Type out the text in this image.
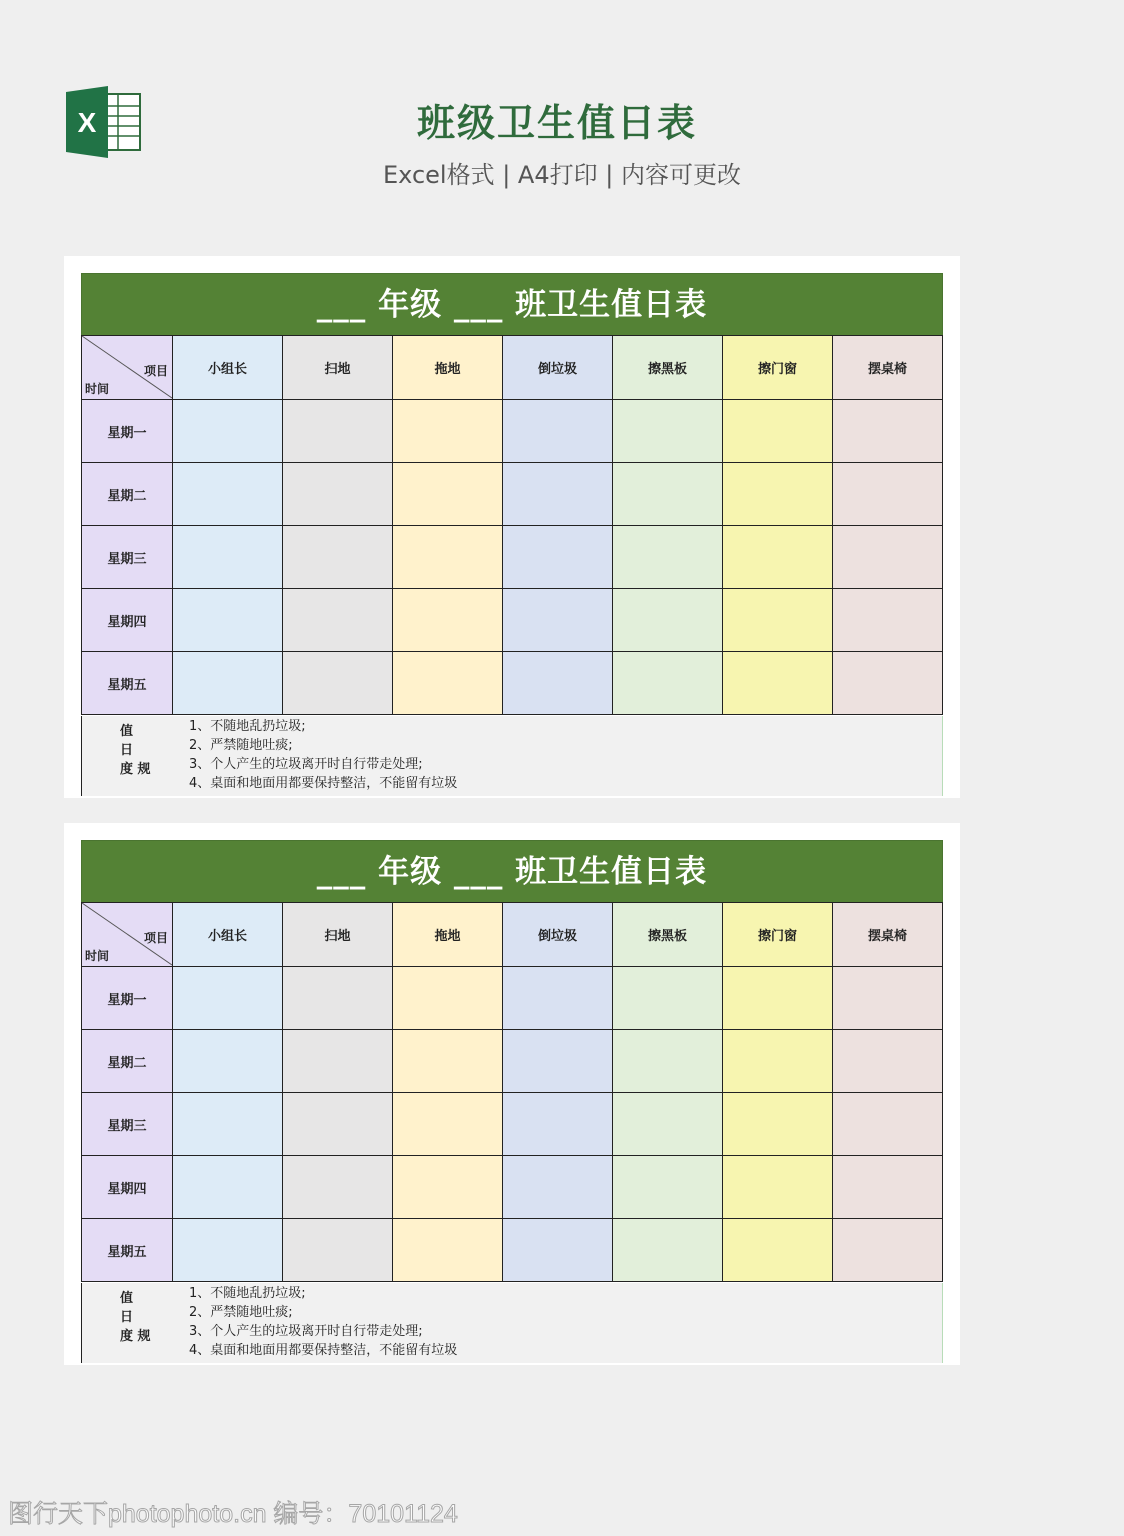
X	班级卫生值日表
Excel格式 | A4打印 | 内容可更改
___ 年级 ___ 班卫生值日表
项目
时间	小组长	扫地	拖地	倒垃圾	擦黑板	擦门窗	摆桌椅
星期一							
星期二							
星期三							
星期四							
星期五							
值
日
度 规
1、不随地乱扔垃圾;
2、严禁随地吐痰;
3、个人产生的垃圾离开时自行带走处理;
4、桌面和地面用都要保持整洁，不能留有垃圾
___ 年级 ___ 班卫生值日表
项目
时间	小组长	扫地	拖地	倒垃圾	擦黑板	擦门窗	摆桌椅
星期一							
星期二							
星期三							
星期四							
星期五							
值
日
度 规
1、不随地乱扔垃圾;
2、严禁随地吐痰;
3、个人产生的垃圾离开时自行带走处理;
4、桌面和地面用都要保持整洁，不能留有垃圾
图行天下photophoto.cn 编号：70101124
